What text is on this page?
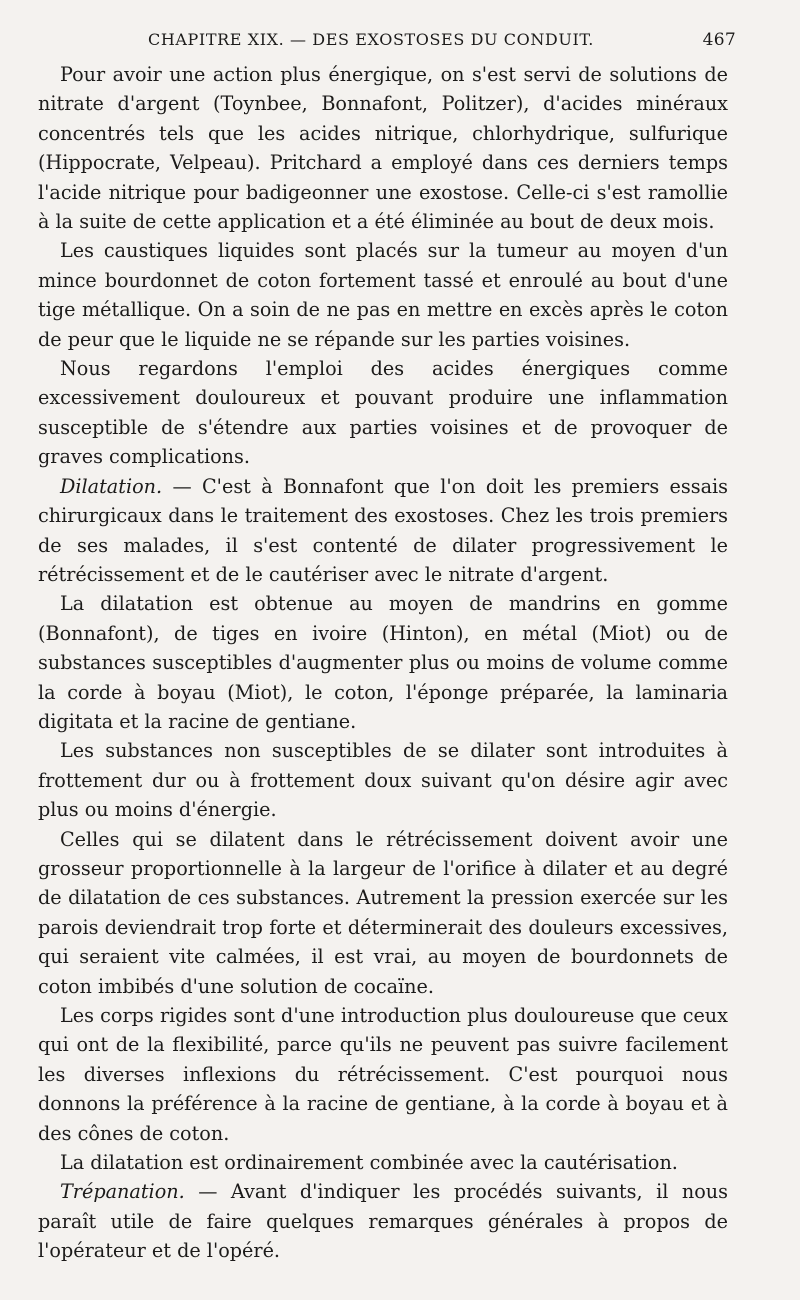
CHAPITRE XIX. — DES EXOSTOSES DU CONDUIT.	467

Pour avoir une action plus énergique, on s'est servi de solutions de nitrate d'argent (Toynbee, Bonnafont, Politzer), d'acides minéraux concentrés tels que les acides nitrique, chlorhydrique, sulfurique (Hippocrate, Velpeau). Pritchard a employé dans ces derniers temps l'acide nitrique pour badigeonner une exostose. Celle-ci s'est ramollie à la suite de cette application et a été éliminée au bout de deux mois.

Les caustiques liquides sont placés sur la tumeur au moyen d'un mince bourdonnet de coton fortement tassé et enroulé au bout d'une tige métallique. On a soin de ne pas en mettre en excès après le coton de peur que le liquide ne se répande sur les parties voisines.

Nous regardons l'emploi des acides énergiques comme excessivement douloureux et pouvant produire une inflammation susceptible de s'étendre aux parties voisines et de provoquer de graves complications.

Dilatation. — C'est à Bonnafont que l'on doit les premiers essais chirurgicaux dans le traitement des exostoses. Chez les trois premiers de ses malades, il s'est contenté de dilater progressivement le rétrécissement et de le cautériser avec le nitrate d'argent.

La dilatation est obtenue au moyen de mandrins en gomme (Bonnafont), de tiges en ivoire (Hinton), en métal (Miot) ou de substances susceptibles d'augmenter plus ou moins de volume comme la corde à boyau (Miot), le coton, l'éponge préparée, la laminaria digitata et la racine de gentiane.

Les substances non susceptibles de se dilater sont introduites à frottement dur ou à frottement doux suivant qu'on désire agir avec plus ou moins d'énergie.

Celles qui se dilatent dans le rétrécissement doivent avoir une grosseur proportionnelle à la largeur de l'orifice à dilater et au degré de dilatation de ces substances. Autrement la pression exercée sur les parois deviendrait trop forte et déterminerait des douleurs excessives, qui seraient vite calmées, il est vrai, au moyen de bourdonnets de coton imbibés d'une solution de cocaïne.

Les corps rigides sont d'une introduction plus douloureuse que ceux qui ont de la flexibilité, parce qu'ils ne peuvent pas suivre facilement les diverses inflexions du rétrécissement. C'est pourquoi nous donnons la préférence à la racine de gentiane, à la corde à boyau et à des cônes de coton.

La dilatation est ordinairement combinée avec la cautérisation.

Trépanation. — Avant d'indiquer les procédés suivants, il nous paraît utile de faire quelques remarques générales à propos de l'opérateur et de l'opéré.
